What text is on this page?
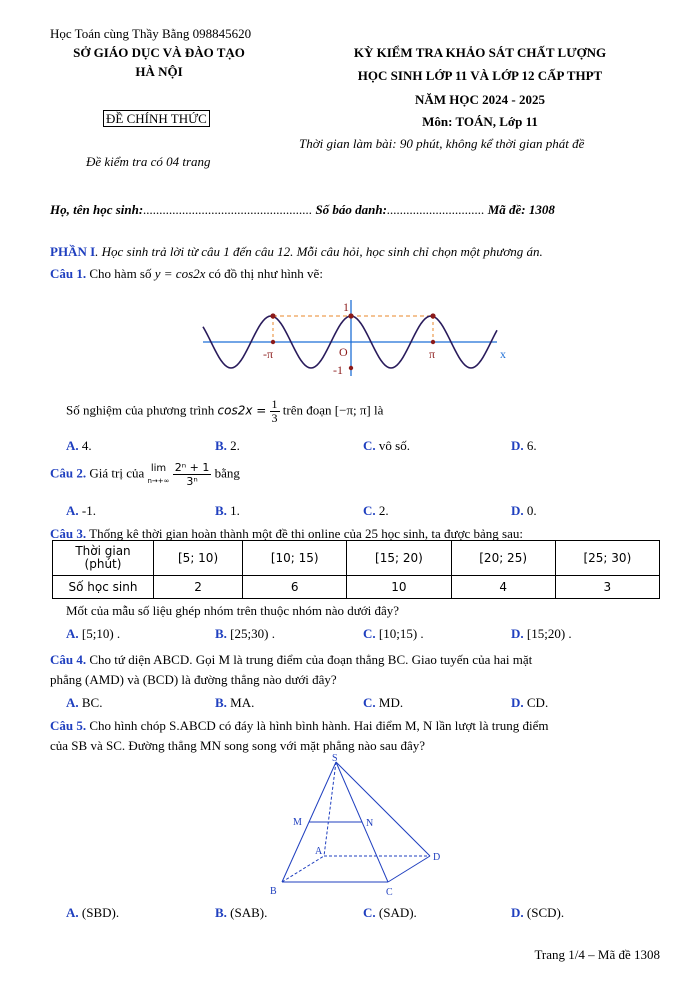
Học Toán cùng Thầy Bằng 098845620
SỞ GIÁO DỤC VÀ ĐÀO TẠO
HÀ NỘI
ĐỀ CHÍNH THỨC
Đề kiểm tra có 04 trang
KỲ KIỂM TRA KHẢO SÁT CHẤT LƯỢNG
HỌC SINH LỚP 11 VÀ LỚP 12 CẤP THPT
NĂM HỌC 2024 - 2025
Môn: TOÁN, Lớp 11
Thời gian làm bài: 90 phút, không kể thời gian phát đề
Họ, tên học sinh:.................................................... Số báo danh:.............................. Mã đề: 1308
PHẦN I. Học sinh trả lời từ câu 1 đến câu 12. Mỗi câu hỏi, học sinh chỉ chọn một phương án.
Câu 1. Cho hàm số y = cos2x có đồ thị như hình vẽ:
1
-1
-π	O	π	x
Số nghiệm của phương trình $\cos 2x = \frac{1}{3}$ trên đoạn [−π; π] là
A. 4.	B. 2.	C. vô số.	D. 6.
Câu 2. Giá trị của lim
n→+∞
$\frac{\text{2ⁿ + 1}}{\text{3ⁿ}}$ bằng
A. -1.	B. 1.	C. 2.	D. 0.
Câu 3. Thống kê thời gian hoàn thành một đề thi online của 25 học sinh, ta được bảng sau:
Thời gian
(phút)	[5; 10)	[10; 15)	[15; 20)	[20; 25)	[25; 30)
Số học sinh	2	6	10	4	3
Mốt của mẫu số liệu ghép nhóm trên thuộc nhóm nào dưới đây?
A. [5;10) .	B. [25;30) .	C. [10;15) .	D. [15;20) .
Câu 4. Cho tứ diện ABCD. Gọi M là trung điểm của đoạn thẳng BC. Giao tuyến của hai mặt
phẳng (AMD) và (BCD) là đường thẳng nào dưới đây?
A. BC.	B. MA.	C. MD.	D. CD.
Câu 5. Cho hình chóp S.ABCD có đáy là hình bình hành. Hai điểm M, N lần lượt là trung điểm
của SB và SC. Đường thẳng MN song song với mặt phẳng nào sau đây?
S
M	N
A
B	C
D
A. (SBD).	B. (SAB).	C. (SAD).	D. (SCD).
Trang 1/4 – Mã đề 1308
